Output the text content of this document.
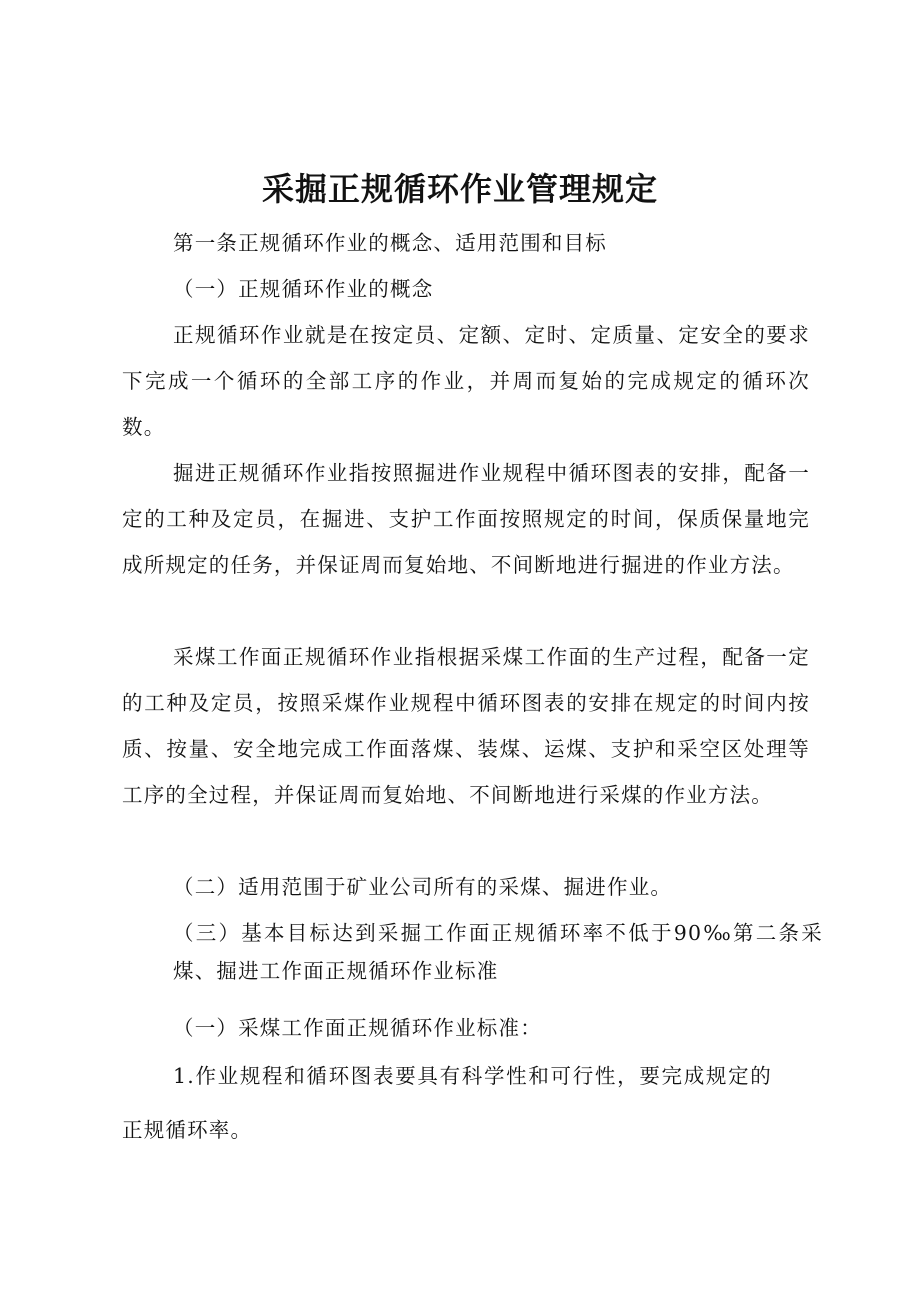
采掘正规循环作业管理规定

第一条正规循环作业的概念、适用范围和目标

（一）正规循环作业的概念

正规循环作业就是在按定员、定额、定时、定质量、定安全的要求下完成一个循环的全部工序的作业，并周而复始的完成规定的循环次数。

掘进正规循环作业指按照掘进作业规程中循环图表的安排，配备一定的工种及定员，在掘进、支护工作面按照规定的时间，保质保量地完成所规定的任务，并保证周而复始地、不间断地进行掘进的作业方法。

采煤工作面正规循环作业指根据采煤工作面的生产过程，配备一定的工种及定员，按照采煤作业规程中循环图表的安排在规定的时间内按质、按量、安全地完成工作面落煤、装煤、运煤、支护和采空区处理等工序的全过程，并保证周而复始地、不间断地进行采煤的作业方法。

（二）适用范围于矿业公司所有的采煤、掘进作业。

（三）基本目标达到采掘工作面正规循环率不低于90‰第二条采煤、掘进工作面正规循环作业标准

（一）采煤工作面正规循环作业标准：

1.作业规程和循环图表要具有科学性和可行性，要完成规定的正规循环率。
